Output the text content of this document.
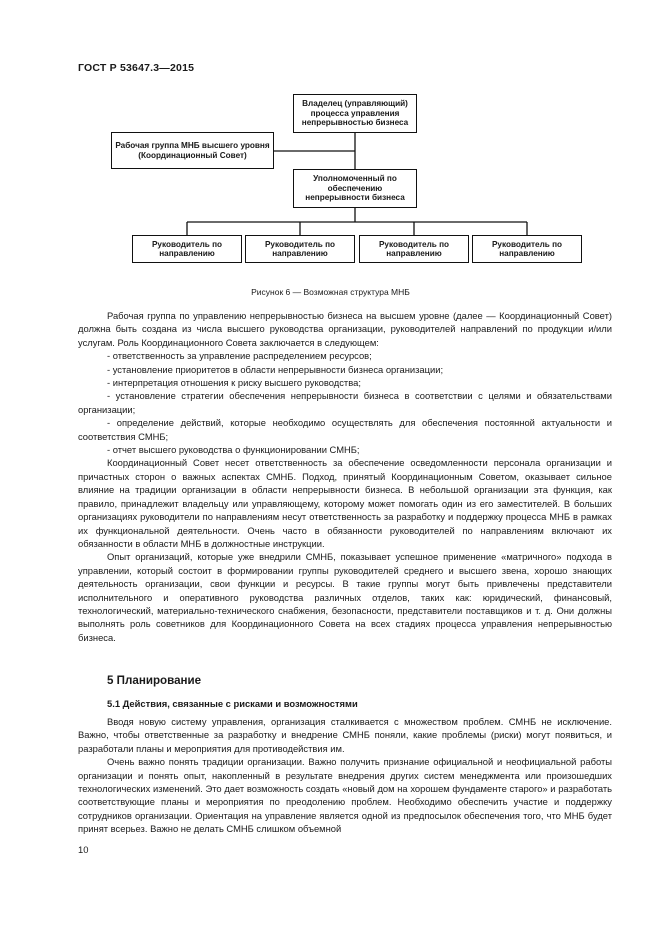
ГОСТ Р 53647.3—2015
Владелец (управляющий) процесса управления непрерывностью бизнеса
Рабочая группа МНБ высшего уровня (Координационный Совет)
Уполномоченный по обеспечению непрерывности бизнеса
Руководитель по направлению
Руководитель по направлению
Руководитель по направлению
Руководитель по направлению
Рисунок 6 — Возможная структура МНБ

Рабочая группа по управлению непрерывностью бизнеса на высшем уровне (далее — Координационный Совет) должна быть создана из числа высшего руководства организации, руководителей направлений по продукции и/или услугам. Роль Координационного Совета заключается в следующем:

- ответственность за управление распределением ресурсов;

- установление приоритетов в области непрерывности бизнеса организации;

- интерпретация отношения к риску высшего руководства;

- установление стратегии обеспечения непрерывности бизнеса в соответствии с целями и обязательствами организации;

- определение действий, которые необходимо осуществлять для обеспечения постоянной актуальности и соответствия СМНБ;

- отчет высшего руководства о функционировании СМНБ;

Координационный Совет несет ответственность за обеспечение осведомленности персонала организации и причастных сторон о важных аспектах СМНБ. Подход, принятый Координационным Советом, оказывает сильное влияние на традиции организации в области непрерывности бизнеса. В небольшой организации эта функция, как правило, принадлежит владельцу или управляющему, которому может помогать один из его заместителей. В больших организациях руководители по направлениям несут ответственность за разработку и поддержку процесса МНБ в рамках их функциональной деятельности. Очень часто в обязанности руководителей по направлениям включают их обязанности в области МНБ в должностные инструкции.

Опыт организаций, которые уже внедрили СМНБ, показывает успешное применение «матричного» подхода в управлении, который состоит в формировании группы руководителей среднего и высшего звена, хорошо знающих деятельность организации, свои функции и ресурсы. В такие группы могут быть привлечены представители исполнительного и оперативного руководства различных отделов, таких как: юридический, финансовый, технологический, материально-технического снабжения, безопасности, представители поставщиков и т. д. Они должны выполнять роль советников для Координационного Совета на всех стадиях процесса управления непрерывностью бизнеса.

5 Планирование
5.1 Действия, связанные с рисками и возможностями

Вводя новую систему управления, организация сталкивается с множеством проблем. СМНБ не исключение. Важно, чтобы ответственные за разработку и внедрение СМНБ поняли, какие проблемы (риски) могут появиться, и разработали планы и мероприятия для противодействия им.

Очень важно понять традиции организации. Важно получить признание официальной и неофициальной работы организации и понять опыт, накопленный в результате внедрения других систем менеджмента или произошедших технологических изменений. Это дает возможность создать «новый дом на хорошем фундаменте старого» и разработать соответствующие планы и мероприятия по преодолению проблем. Необходимо обеспечить участие и поддержку сотрудников организации. Ориентация на управление является одной из предпосылок обеспечения того, что МНБ будет принят всерьез. Важно не делать СМНБ слишком объемной

10
